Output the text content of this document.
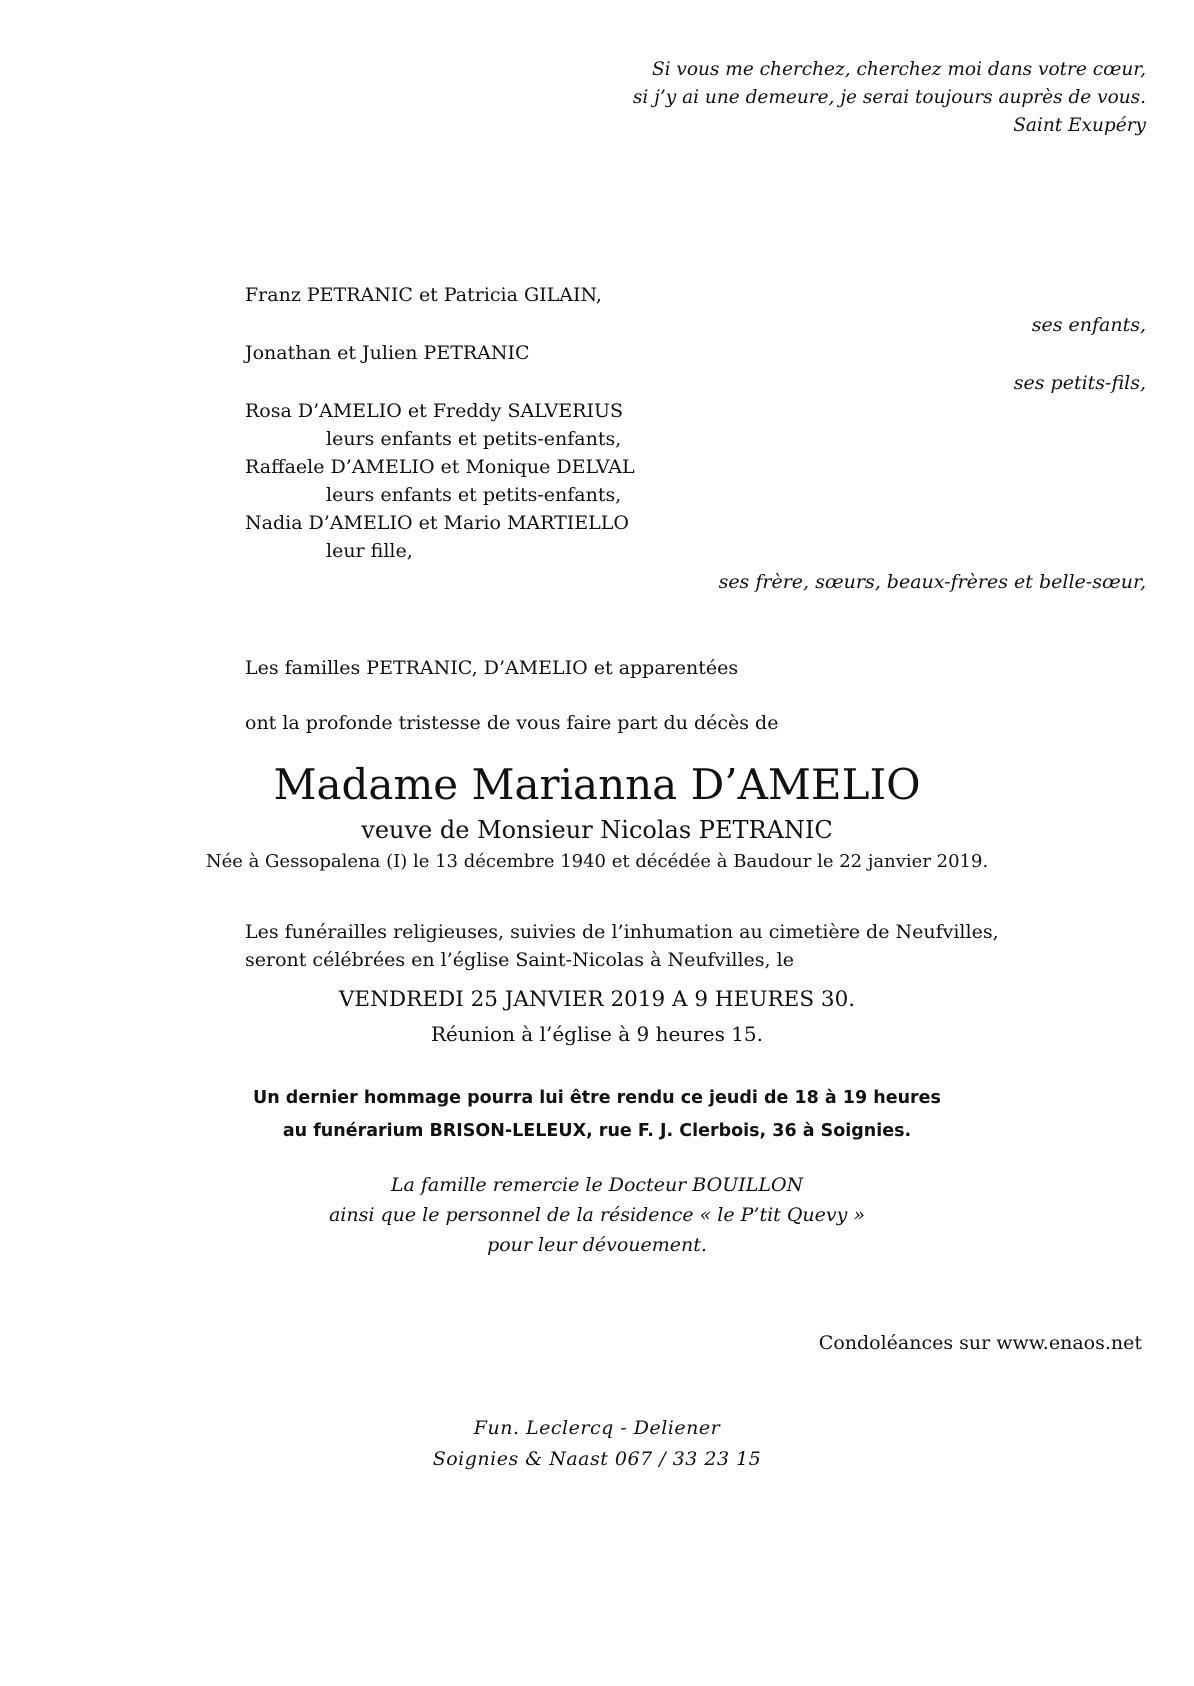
Si vous me cherchez, cherchez moi dans votre cœur,
si j’y ai une demeure, je serai toujours auprès de vous.
Saint Exupéry
Franz PETRANIC et Patricia GILAIN,
ses enfants,
Jonathan et Julien PETRANIC
ses petits-fils,
Rosa D’AMELIO et Freddy SALVERIUS
leurs enfants et petits-enfants,
Raffaele D’AMELIO et Monique DELVAL
leurs enfants et petits-enfants,
Nadia D’AMELIO et Mario MARTIELLO
leur fille,
ses frère, sœurs, beaux-frères et belle-sœur,
Les familles PETRANIC, D’AMELIO et apparentées
ont la profonde tristesse de vous faire part du décès de
Madame Marianna D’AMELIO
veuve de Monsieur Nicolas PETRANIC
Née à Gessopalena (I) le 13 décembre 1940 et décédée à Baudour le 22 janvier 2019.
Les funérailles religieuses, suivies de l’inhumation au cimetière de Neufvilles,
seront célébrées en l’église Saint-Nicolas à Neufvilles, le
VENDREDI 25 JANVIER 2019 A 9 HEURES 30.
Réunion à l’église à 9 heures 15.
Un dernier hommage pourra lui être rendu ce jeudi de 18 à 19 heures
au funérarium BRISON-LELEUX, rue F. J. Clerbois, 36 à Soignies.
La famille remercie le Docteur BOUILLON
ainsi que le personnel de la résidence « le P’tit Quevy »
pour leur dévouement.
Condoléances sur www.enaos.net
Fun. Leclercq - Deliener
Soignies & Naast 067 / 33 23 15
